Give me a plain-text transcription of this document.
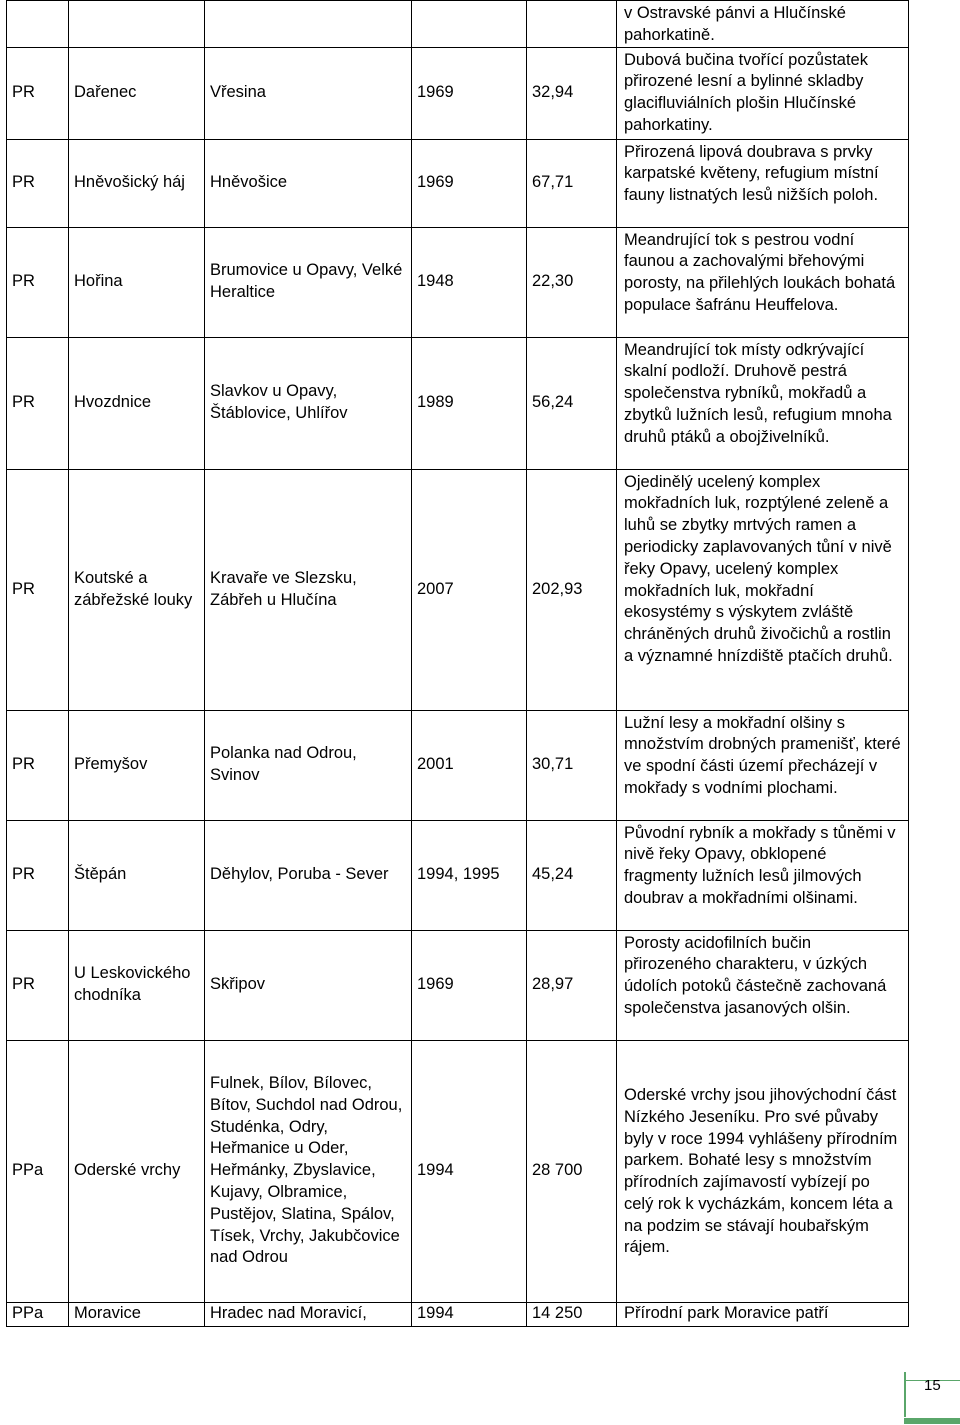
					v Ostravské pánvi a Hlučínské pahorkatině.
PR	Dařenec	Vřesina	1969	32,94	Dubová bučina tvořící pozůstatek přirozené lesní a bylinné skladby glacifluviálních plošin Hlučínské pahorkatiny.
PR	Hněvošický háj	Hněvošice	1969	67,71	Přirozená lipová doubrava s prvky karpatské květeny, refugium místní fauny listnatých lesů nižších poloh.
PR	Hořina	Brumovice u Opavy, Velké Heraltice	1948	22,30	Meandrující tok s pestrou vodní faunou a zachovalými břehovými porosty, na přilehlých loukách bohatá populace šafránu Heuffelova.
PR	Hvozdnice	Slavkov u Opavy, Štáblovice, Uhlířov	1989	56,24	Meandrující tok místy odkrývající skalní podloží. Druhově pestrá společenstva rybníků, mokřadů a zbytků lužních lesů, refugium mnoha druhů ptáků a obojživelníků.
PR	Koutské a zábřežské louky	Kravaře ve Slezsku, Zábřeh u Hlučína	2007	202,93	Ojedinělý ucelený komplex mokřadních luk, rozptýlené zeleně a luhů se zbytky mrtvých ramen a periodicky zaplavovaných tůní v nivě řeky Opavy, ucelený komplex mokřadních luk, mokřadní ekosystémy s výskytem zvláště chráněných druhů živočichů a rostlin a významné hnízdiště ptačích druhů.
PR	Přemyšov	Polanka nad Odrou, Svinov	2001	30,71	Lužní lesy a mokřadní olšiny s množstvím drobných pramenišť, které ve spodní části území přecházejí v mokřady s vodními plochami.
PR	Štěpán	Děhylov, Poruba - Sever	1994, 1995	45,24	Původní rybník a mokřady s tůněmi v nivě řeky Opavy, obklopené fragmenty lužních lesů jilmových doubrav a mokřadními olšinami.
PR	U Leskovického chodníka	Skřipov	1969	28,97	Porosty acidofilních bučin přirozeného charakteru, v úzkých údolích potoků částečně zachovaná společenstva jasanových olšin.
PPa	Oderské vrchy	Fulnek, Bílov, Bílovec, Bítov, Suchdol nad Odrou, Studénka, Odry, Heřmanice u Oder, Heřmánky, Zbyslavice, Kujavy, Olbramice, Pustějov, Slatina, Spálov, Tísek, Vrchy, Jakubčovice nad Odrou	1994	28 700	Oderské vrchy jsou jihovýchodní část Nízkého Jeseníku. Pro své půvaby byly v roce 1994 vyhlášeny přírodním parkem. Bohaté lesy s množstvím přírodních zajímavostí vybízejí po celý rok k vycházkám, koncem léta a na podzim se stávají houbařským rájem.
PPa	Moravice	Hradec nad Moravicí,	1994	14 250	Přírodní park Moravice patří
15
